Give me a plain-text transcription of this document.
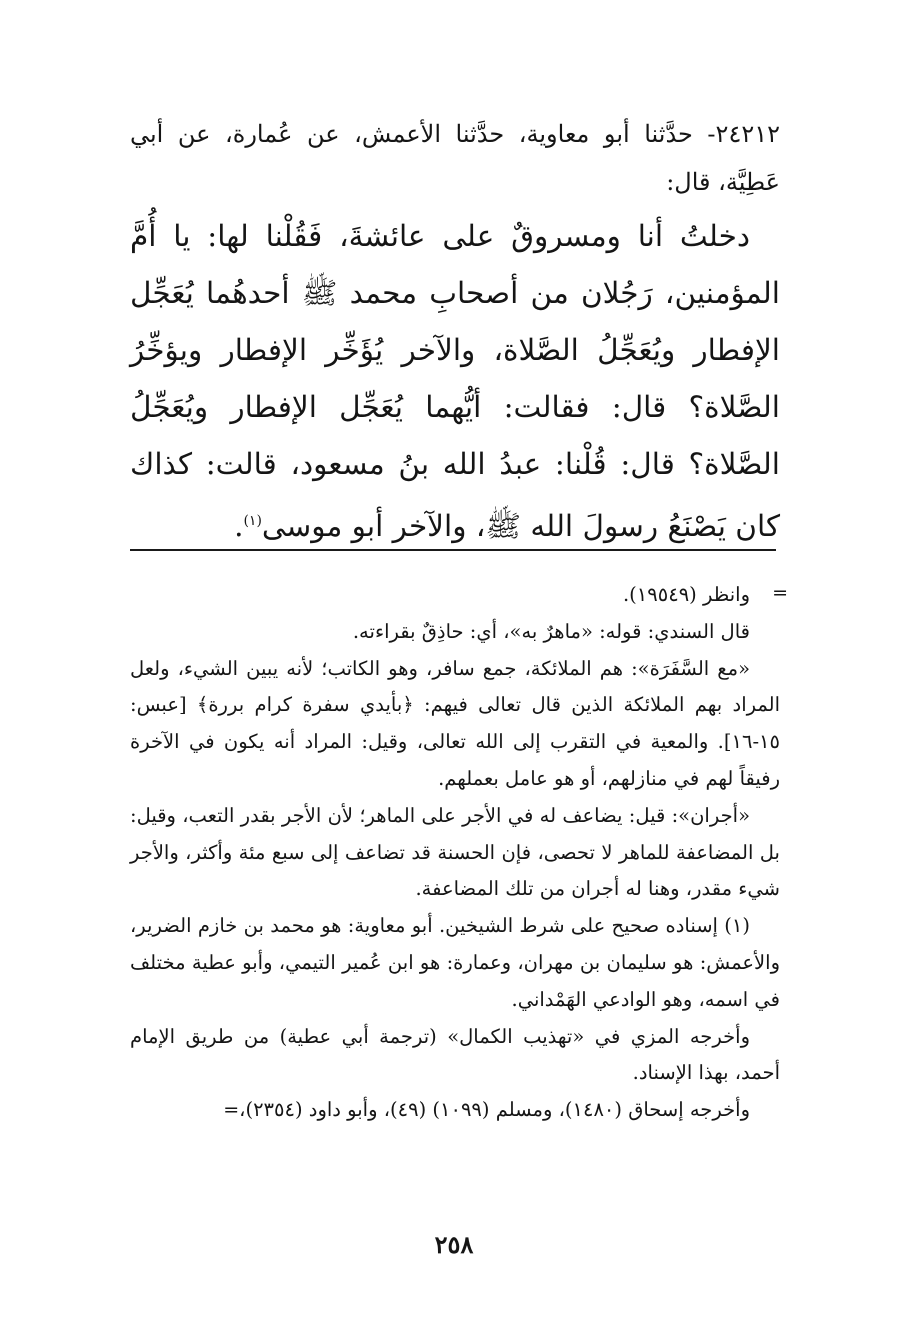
٢٤٢١٢- حدَّثنا أبو معاوية، حدَّثنا الأعمش، عن عُمارة، عن أبي عَطِيَّة، قال:
دخلتُ أنا ومسروقٌ على عائشةَ، فَقُلْنا لها: يا أُمَّ المؤمنين، رَجُلان من أصحابِ محمد ﷺ أحدهُما يُعَجِّل الإفطار ويُعَجِّلُ الصَّلاة، والآخر يُؤَخِّر الإفطار ويؤخِّرُ الصَّلاة؟ قال: فقالت: أيُّهما يُعَجِّل الإفطار ويُعَجِّلُ الصَّلاة؟ قال: قُلْنا: عبدُ الله بنُ مسعود، قالت: كذاك كان يَصْنَعُ رسولَ الله ﷺ، والآخر أبو موسى$^{(١)}$.
=

وانظر (١٩٥٤٩).

قال السندي: قوله: «ماهرٌ به»، أي: حاذِقٌ بقراءته.

«مع السَّفَرَة»: هم الملائكة، جمع سافر، وهو الكاتب؛ لأنه يبين الشيء، ولعل المراد بهم الملائكة الذين قال تعالى فيهم: ﴿بأيدي سفرة كرام بررة﴾ [عبس: ١٥-١٦]. والمعية في التقرب إلى الله تعالى، وقيل: المراد أنه يكون في الآخرة رفيقاً لهم في منازلهم، أو هو عامل بعملهم.

«أجران»: قيل: يضاعف له في الأجر على الماهر؛ لأن الأجر بقدر التعب، وقيل: بل المضاعفة للماهر لا تحصى، فإن الحسنة قد تضاعف إلى سبع مئة وأكثر، والأجر شيء مقدر، وهنا له أجران من تلك المضاعفة.

(١) إسناده صحيح على شرط الشيخين. أبو معاوية: هو محمد بن خازم الضرير، والأعمش: هو سليمان بن مهران، وعمارة: هو ابن عُمير التيمي، وأبو عطية مختلف في اسمه، وهو الوادعي الهَمْداني.

وأخرجه المزي في «تهذيب الكمال» (ترجمة أبي عطية) من طريق الإمام أحمد، بهذا الإسناد.

وأخرجه إسحاق (١٤٨٠)، ومسلم (١٠٩٩) (٤٩)، وأبو داود (٢٣٥٤)،=

٢٥٨
